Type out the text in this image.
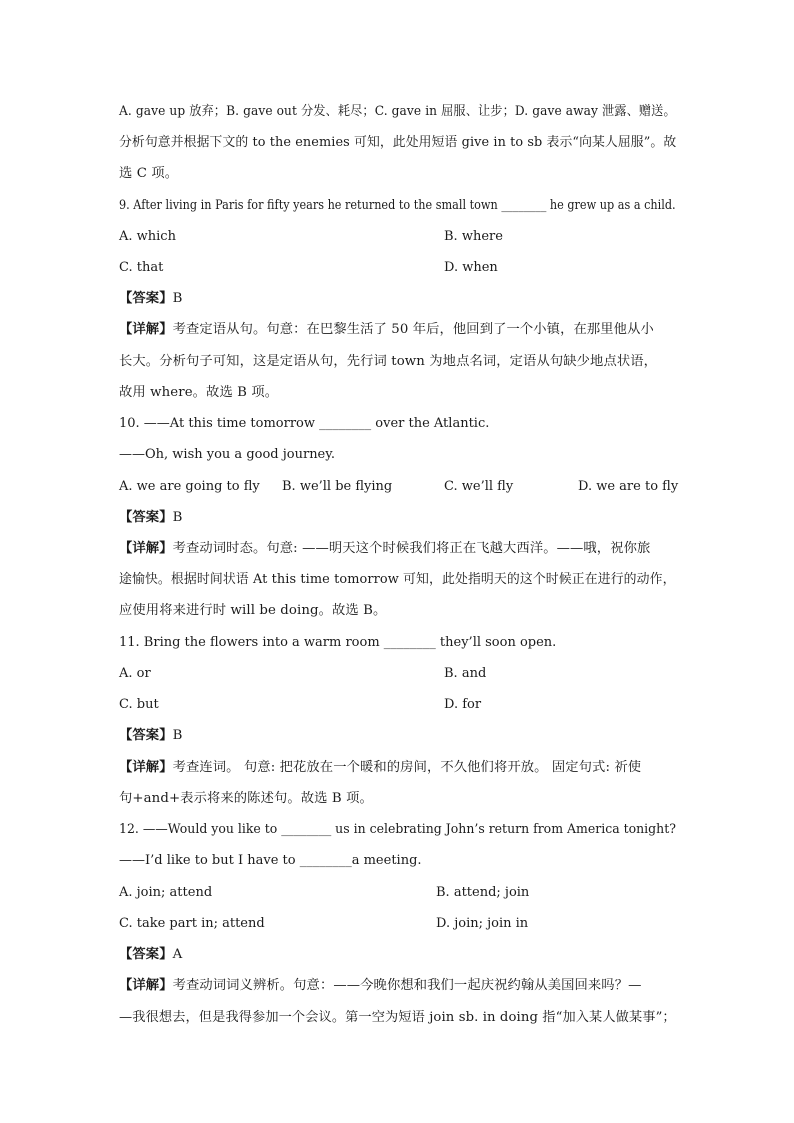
A. gave up 放弃；B. gave out 分发、耗尽；C. gave in 屈服、让步；D. gave away 泄露、赠送。
分析句意并根据下文的 to the enemies 可知，此处用短语 give in to sb 表示“向某人屈服”。故
选 C 项。
9. After living in Paris for fifty years he returned to the small town ________ he grew up as a child.
A. which	B. where
C. that	D. when
【答案】B
【详解】考查定语从句。句意：在巴黎生活了 50 年后，他回到了一个小镇，在那里他从小
长大。分析句子可知，这是定语从句，先行词 town 为地点名词，定语从句缺少地点状语，
故用 where。故选 B 项。
10. ——At this time tomorrow ________ over the Atlantic.
——Oh, wish you a good journey.
A. we are going to fly B. we’ll be flying	C. we’ll fly	D. we are to fly
【答案】B
【详解】考查动词时态。句意: ——明天这个时候我们将正在飞越大西洋。——哦，祝你旅
途愉快。根据时间状语 At this time tomorrow 可知，此处指明天的这个时候正在进行的动作，
应使用将来进行时 will be doing。故选 B。
11. Bring the flowers into a warm room ________ they’ll soon open.
A. or	B. and
C. but	D. for
【答案】B
【详解】考查连词。 句意: 把花放在一个暖和的房间，不久他们将开放。 固定句式: 祈使
句+and+表示将来的陈述句。故选 B 项。
12. ——Would you like to ________ us in celebrating John’s return from America tonight?
——I’d like to but I have to ________a meeting.
A. join; attend	B. attend; join
C. take part in; attend	D. join; join in
【答案】A
【详解】考查动词词义辨析。句意：——今晚你想和我们一起庆祝约翰从美国回来吗？—
—我很想去，但是我得参加一个会议。第一空为短语 join sb. in doing 指“加入某人做某事”；
